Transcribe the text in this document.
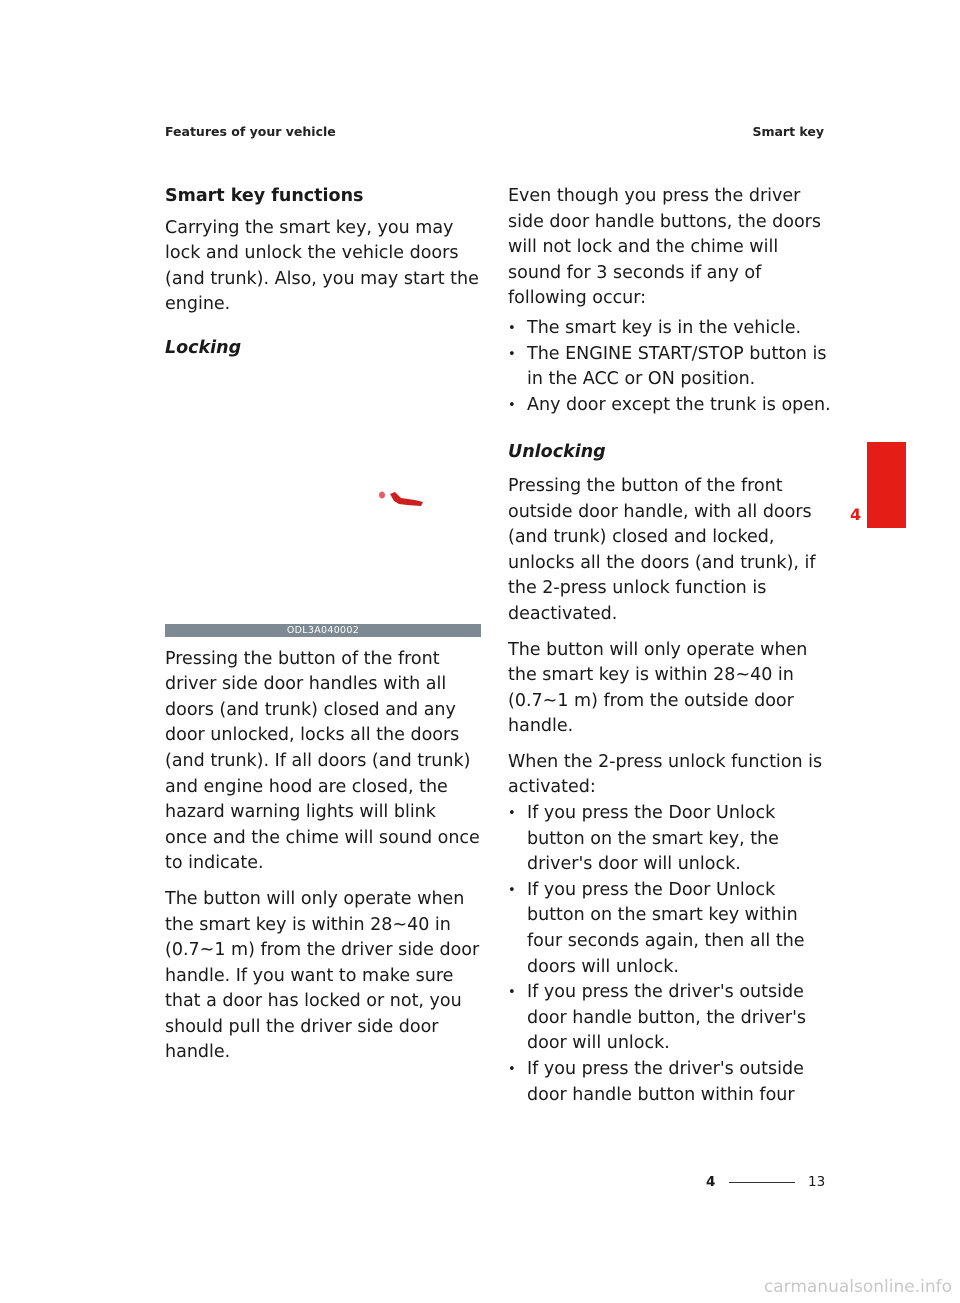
Features of your vehicle	Smart key
Smart key functions

Carrying the smart key, you may lock and unlock the vehicle doors (and trunk). Also, you may start the engine.

Locking
ODL3A040002

Pressing the button of the front driver side door handles with all doors (and trunk) closed and any door unlocked, locks all the doors (and trunk). If all doors (and trunk) and engine hood are closed, the hazard warning lights will blink once and the chime will sound once to indicate.

The button will only operate when the smart key is within 28~40 in (0.7~1 m) from the driver side door handle. If you want to make sure that a door has locked or not, you should pull the driver side door handle.

Even though you press the driver side door handle buttons, the doors will not lock and the chime will sound for 3 seconds if any of following occur:

• The smart key is in the vehicle.
• The ENGINE START/STOP button is in the ACC or ON position.
• Any door except the trunk is open.
Unlocking

Pressing the button of the front outside door handle, with all doors (and trunk) closed and locked, unlocks all the doors (and trunk), if the 2-press unlock function is deactivated.

The button will only operate when the smart key is within 28~40 in (0.7~1 m) from the outside door handle.

When the 2-press unlock function is activated:

• If you press the Door Unlock button on the smart key, the driver's door will unlock.
• If you press the Door Unlock button on the smart key within four seconds again, then all the doors will unlock.
• If you press the driver's outside door handle button, the driver's door will unlock.
• If you press the driver's outside door handle button within four
4
4	13
carmanualsonline.info
